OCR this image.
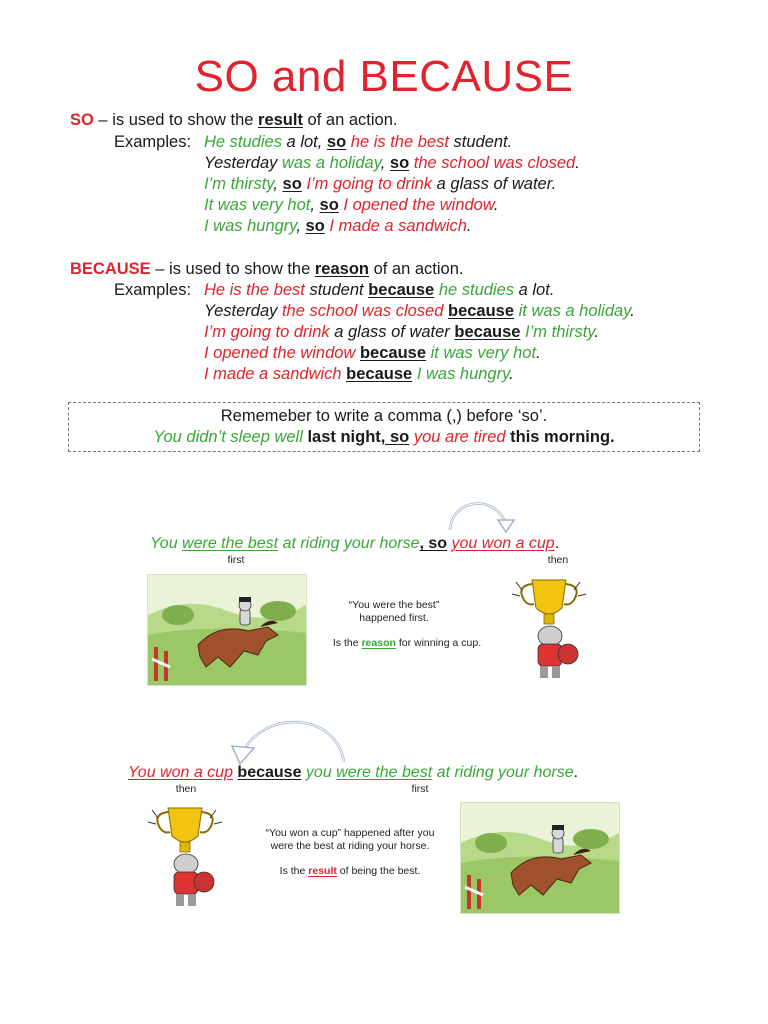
SO and BECAUSE
SO – is used to show the result of an action.
Examples: He studies a lot, so he is the best student.
Yesterday was a holiday, so the school was closed.
I’m thirsty, so I’m going to drink a glass of water.
It was very hot, so I opened the window.
I was hungry, so I made a sandwich.
BECAUSE – is used to show the reason of an action.
Examples: He is the best student because he studies a lot.
Yesterday the school was closed because it was a holiday.
I’m going to drink a glass of water because I’m thirsty.
I opened the window because it was very hot.
I made a sandwich because I was hungry.
Rememeber to write a comma (,) before ‘so’.
You didn’t sleep well last night, so you are tired this morning.
You were the best at riding your horse, so you won a cup.
first	then
“You were the best”
happened first.
Is the reason for winning a cup.
You won a cup because you were the best at riding your horse.
then	first
“You won a cup” happened after you
were the best at riding your horse.
Is the result of being the best.
